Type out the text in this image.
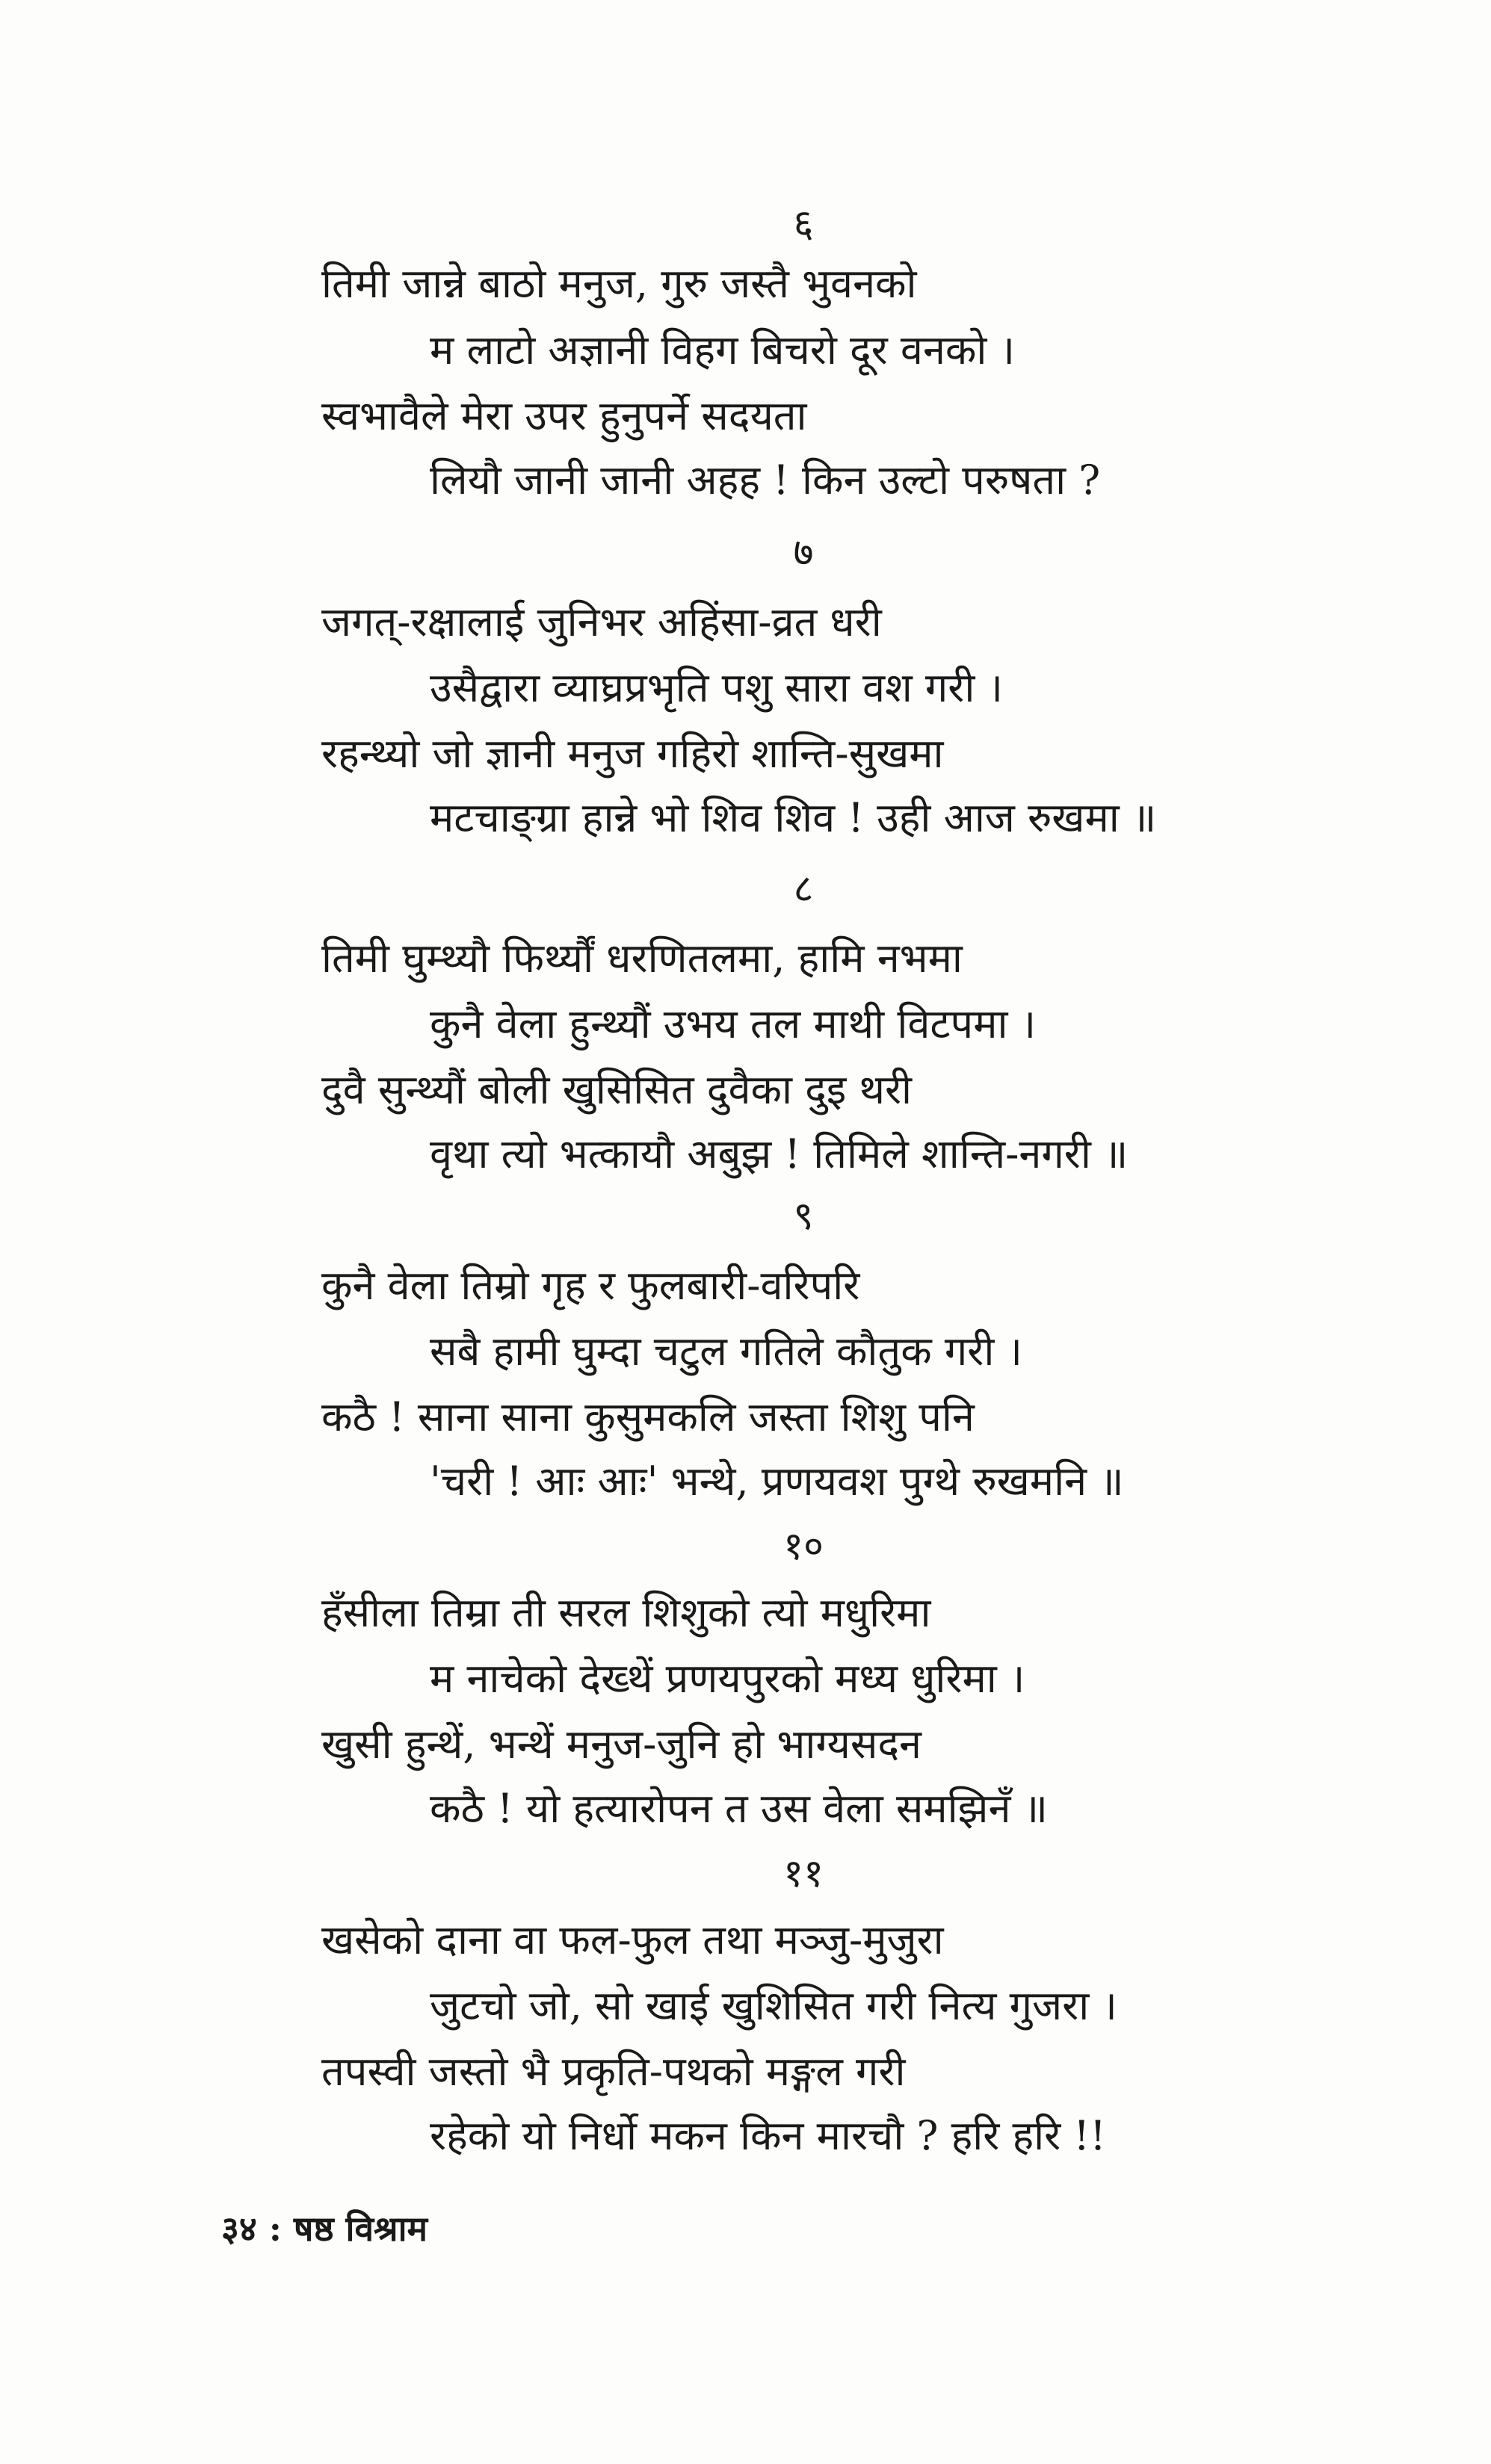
६
तिमी जान्ने बाठो मनुज, गुरु जस्तै भुवनको
म लाटो अज्ञानी विहग बिचरो दूर वनको ।
स्वभावैले मेरा उपर हुनुपर्ने सदयता
लियौ जानी जानी अहह ! किन उल्टो परुषता ?
७
जगत्-रक्षालाई जुनिभर अहिंसा-व्रत धरी
उसैद्वारा व्याघ्रप्रभृति पशु सारा वश गरी ।
रहन्थ्यो जो ज्ञानी मनुज गहिरो शान्ति-सुखमा
मटचाङ्ग्रा हान्ने भो शिव शिव ! उही आज रुखमा ॥
८
तिमी घुम्थ्यौ फिर्थ्यौं धरणितलमा, हामि नभमा
कुनै वेला हुन्थ्यौं उभय तल माथी विटपमा ।
दुवै सुन्थ्यौं बोली खुसिसित दुवैका दुइ थरी
वृथा त्यो भत्कायौ अबुझ ! तिमिले शान्ति-नगरी ॥
९
कुनै वेला तिम्रो गृह र फुलबारी-वरिपरि
सबै हामी घुम्दा चटुल गतिले कौतुक गरी ।
कठै ! साना साना कुसुमकलि जस्ता शिशु पनि
'चरी ! आः आः' भन्थे, प्रणयवश पुग्थे रुखमनि ॥
१०
हँसीला तिम्रा ती सरल शिशुको त्यो मधुरिमा
म नाचेको देख्थें प्रणयपुरको मध्य धुरिमा ।
खुसी हुन्थें, भन्थें मनुज-जुनि हो भाग्यसदन
कठै ! यो हत्यारोपन त उस वेला समझिनँ ॥
११
खसेको दाना वा फल-फुल तथा मञ्जु-मुजुरा
जुटचो जो, सो खाई खुशिसित गरी नित्य गुजरा ।
तपस्वी जस्तो भै प्रकृति-पथको मङ्गल गरी
रहेको यो निर्धो मकन किन मारचौ ? हरि हरि !!
३४ : षष्ठ विश्राम
